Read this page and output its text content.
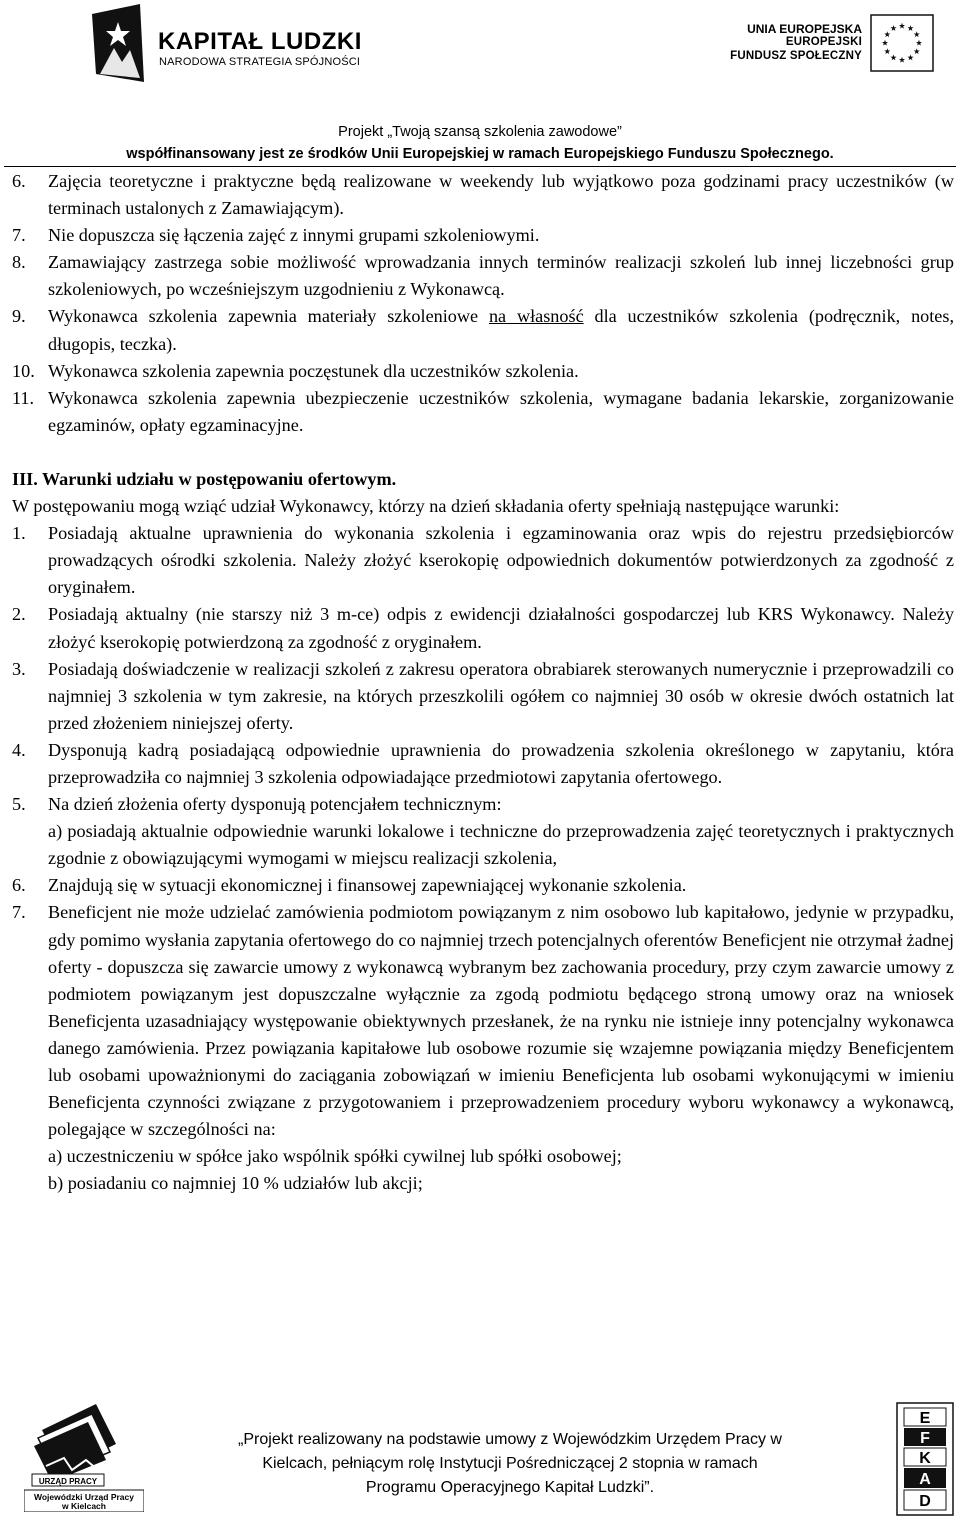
KAPITAŁ LUDZKI
NARODOWA STRATEGIA SPÓJNOŚCI
UNIA EUROPEJSKA
EUROPEJSKI
FUNDUSZ SPOŁECZNY
Projekt „Twoją szansą szkolenia zawodowe”
współfinansowany jest ze środków Unii Europejskiej w ramach Europejskiego Funduszu Społecznego.
6.	Zajęcia teoretyczne i praktyczne będą realizowane w weekendy lub wyjątkowo poza godzinami pracy uczestników (w terminach ustalonych z Zamawiającym).
7.	Nie dopuszcza się łączenia zajęć z innymi grupami szkoleniowymi.
8.	Zamawiający zastrzega sobie możliwość wprowadzania innych terminów realizacji szkoleń lub innej liczebności grup szkoleniowych, po wcześniejszym uzgodnieniu z Wykonawcą.
9.	Wykonawca szkolenia zapewnia materiały szkoleniowe na własność dla uczestników szkolenia (podręcznik, notes, długopis, teczka).
10. Wykonawca szkolenia zapewnia poczęstunek dla uczestników szkolenia.
11. Wykonawca szkolenia zapewnia ubezpieczenie uczestników szkolenia, wymagane badania lekarskie, zorganizowanie egzaminów, opłaty egzaminacyjne.
III. Warunki udziału w postępowaniu ofertowym.
W postępowaniu mogą wziąć udział Wykonawcy, którzy na dzień składania oferty spełniają następujące warunki:
1.	Posiadają aktualne uprawnienia do wykonania szkolenia i egzaminowania oraz wpis do rejestru przedsiębiorców prowadzących ośrodki szkolenia. Należy złożyć kserokopię odpowiednich dokumentów potwierdzonych za zgodność z oryginałem.
2.	Posiadają aktualny (nie starszy niż 3 m-ce) odpis z ewidencji działalności gospodarczej lub KRS Wykonawcy. Należy złożyć kserokopię potwierdzoną za zgodność z oryginałem.
3.	Posiadają doświadczenie w realizacji szkoleń z zakresu operatora obrabiarek sterowanych numerycznie i przeprowadzili co najmniej 3 szkolenia w tym zakresie, na których przeszkolili ogółem co najmniej 30 osób w okresie dwóch ostatnich lat przed złożeniem niniejszej oferty.
4.	Dysponują kadrą posiadającą odpowiednie uprawnienia do prowadzenia szkolenia określonego w zapytaniu, która przeprowadziła co najmniej 3 szkolenia odpowiadające przedmiotowi zapytania ofertowego.
5.	Na dzień złożenia oferty dysponują potencjałem technicznym:
a) posiadają aktualnie odpowiednie warunki lokalowe i techniczne do przeprowadzenia zajęć teoretycznych i praktycznych zgodnie z obowiązującymi wymogami w miejscu realizacji szkolenia,
6.	Znajdują się w sytuacji ekonomicznej i finansowej zapewniającej wykonanie szkolenia.
7.	Beneficjent nie może udzielać zamówienia podmiotom powiązanym z nim osobowo lub kapitałowo, jedynie w przypadku, gdy pomimo wysłania zapytania ofertowego do co najmniej trzech potencjalnych oferentów Beneficjent nie otrzymał żadnej oferty - dopuszcza się zawarcie umowy z wykonawcą wybranym bez zachowania procedury, przy czym zawarcie umowy z podmiotem powiązanym jest dopuszczalne wyłącznie za zgodą podmiotu będącego stroną umowy oraz na wniosek Beneficjenta uzasadniający występowanie obiektywnych przesłanek, że na rynku nie istnieje inny potencjalny wykonawca danego zamówienia. Przez powiązania kapitałowe lub osobowe rozumie się wzajemne powiązania między Beneficjentem lub osobami upoważnionymi do zaciągania zobowiązań w imieniu Beneficjenta lub osobami wykonującymi w imieniu Beneficjenta czynności związane z przygotowaniem i przeprowadzeniem procedury wyboru wykonawcy a wykonawcą, polegające w szczególności na:
a) uczestniczeniu w spółce jako wspólnik spółki cywilnej lub spółki osobowej;
b) posiadaniu co najmniej 10 % udziałów lub akcji;
URZĄD PRACY
Wojewódzki Urząd Pracy
w Kielcach
„Projekt realizowany na podstawie umowy z Wojewódzkim Urzędem Pracy w
Kielcach, pełniącym rolę Instytucji Pośredniczącej 2 stopnia w ramach
Programu Operacyjnego Kapitał Ludzki”.
E
F
K
A
D
